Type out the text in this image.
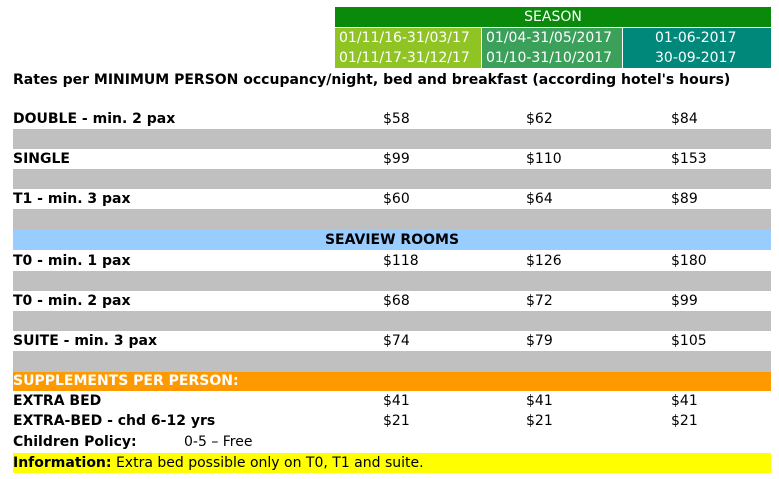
SEASON
01/11/16-31/03/17	01/04-31/05/2017	01-06-2017
01/11/17-31/12/17	01/10-31/10/2017	30-09-2017
Rates per MINIMUM PERSON occupancy/night, bed and breakfast (according hotel's hours)
DOUBLE - min. 2 pax	$58	$62	$84
SINGLE	$99	$110	$153
T1 - min. 3 pax	$60	$64	$89
SEAVIEW ROOMS
T0 - min. 1 pax	$118	$126	$180
T0 - min. 2 pax	$68	$72	$99
SUITE - min. 3 pax	$74	$79	$105
SUPPLEMENTS PER PERSON:
EXTRA BED	$41	$41	$41
EXTRA-BED - chd 6-12 yrs	$21	$21	$21
Children Policy:	0-5 – Free
Information: Extra bed possible only on T0, T1 and suite.
